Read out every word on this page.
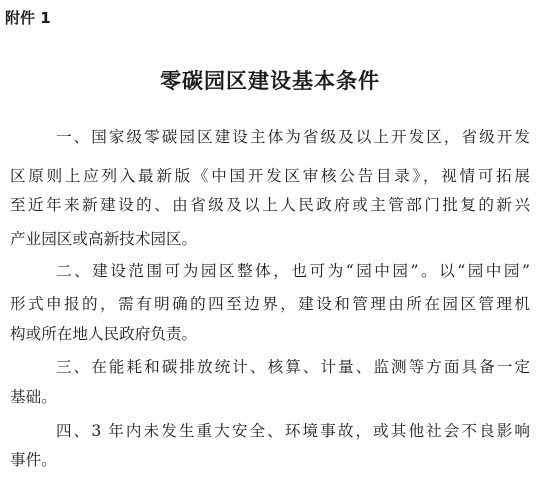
附件 1
零碳园区建设基本条件
一、国家级零碳园区建设主体为省级及以上开发区，省级开发
区原则上应列入最新版《中国开发区审核公告目录》，视情可拓展
至近年来新建设的、由省级及以上人民政府或主管部门批复的新兴
产业园区或高新技术园区。
二、建设范围可为园区整体，也可为“园中园”。以“园中园”
形式申报的，需有明确的四至边界，建设和管理由所在园区管理机
构或所在地人民政府负责。
三、在能耗和碳排放统计、核算、计量、监测等方面具备一定
基础。
四、3 年内未发生重大安全、环境事故，或其他社会不良影响
事件。
